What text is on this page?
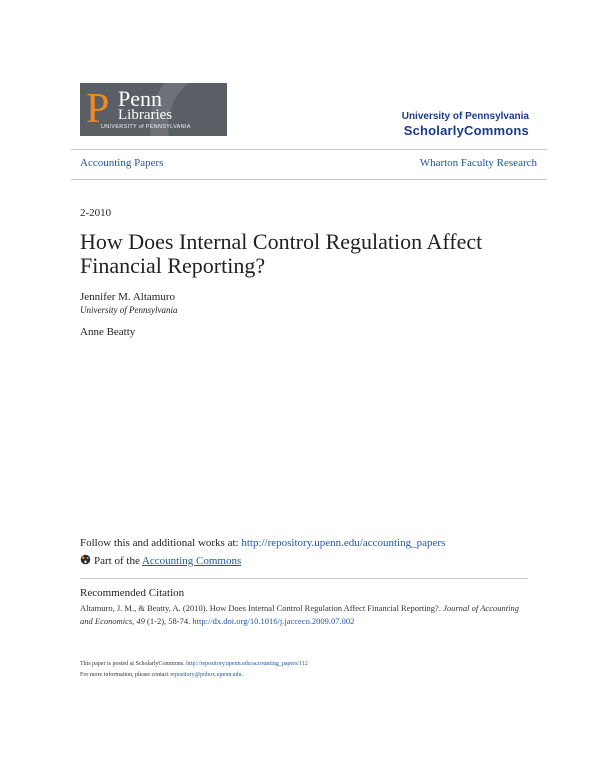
P Penn
Libraries
UNIVERSITY of PENNSYLVANIA
University of Pennsylvania
ScholarlyCommons
Accounting Papers	Wharton Faculty Research
2-2010
How Does Internal Control Regulation Affect Financial Reporting?
Jennifer M. Altamuro
University of Pennsylvania
Anne Beatty
Follow this and additional works at: http://repository.upenn.edu/accounting_papers
Part of the Accounting Commons
Recommended Citation
Altamuro, J. M., & Beatty, A. (2010). How Does Internal Control Regulation Affect Financial Reporting?. Journal of Accounting and Economics, 49 (1-2), 58-74. http://dx.doi.org/10.1016/j.jacceco.2009.07.002
This paper is posted at ScholarlyCommons. http://repository.upenn.edu/accounting_papers/112
For more information, please contact repository@pobox.upenn.edu.
